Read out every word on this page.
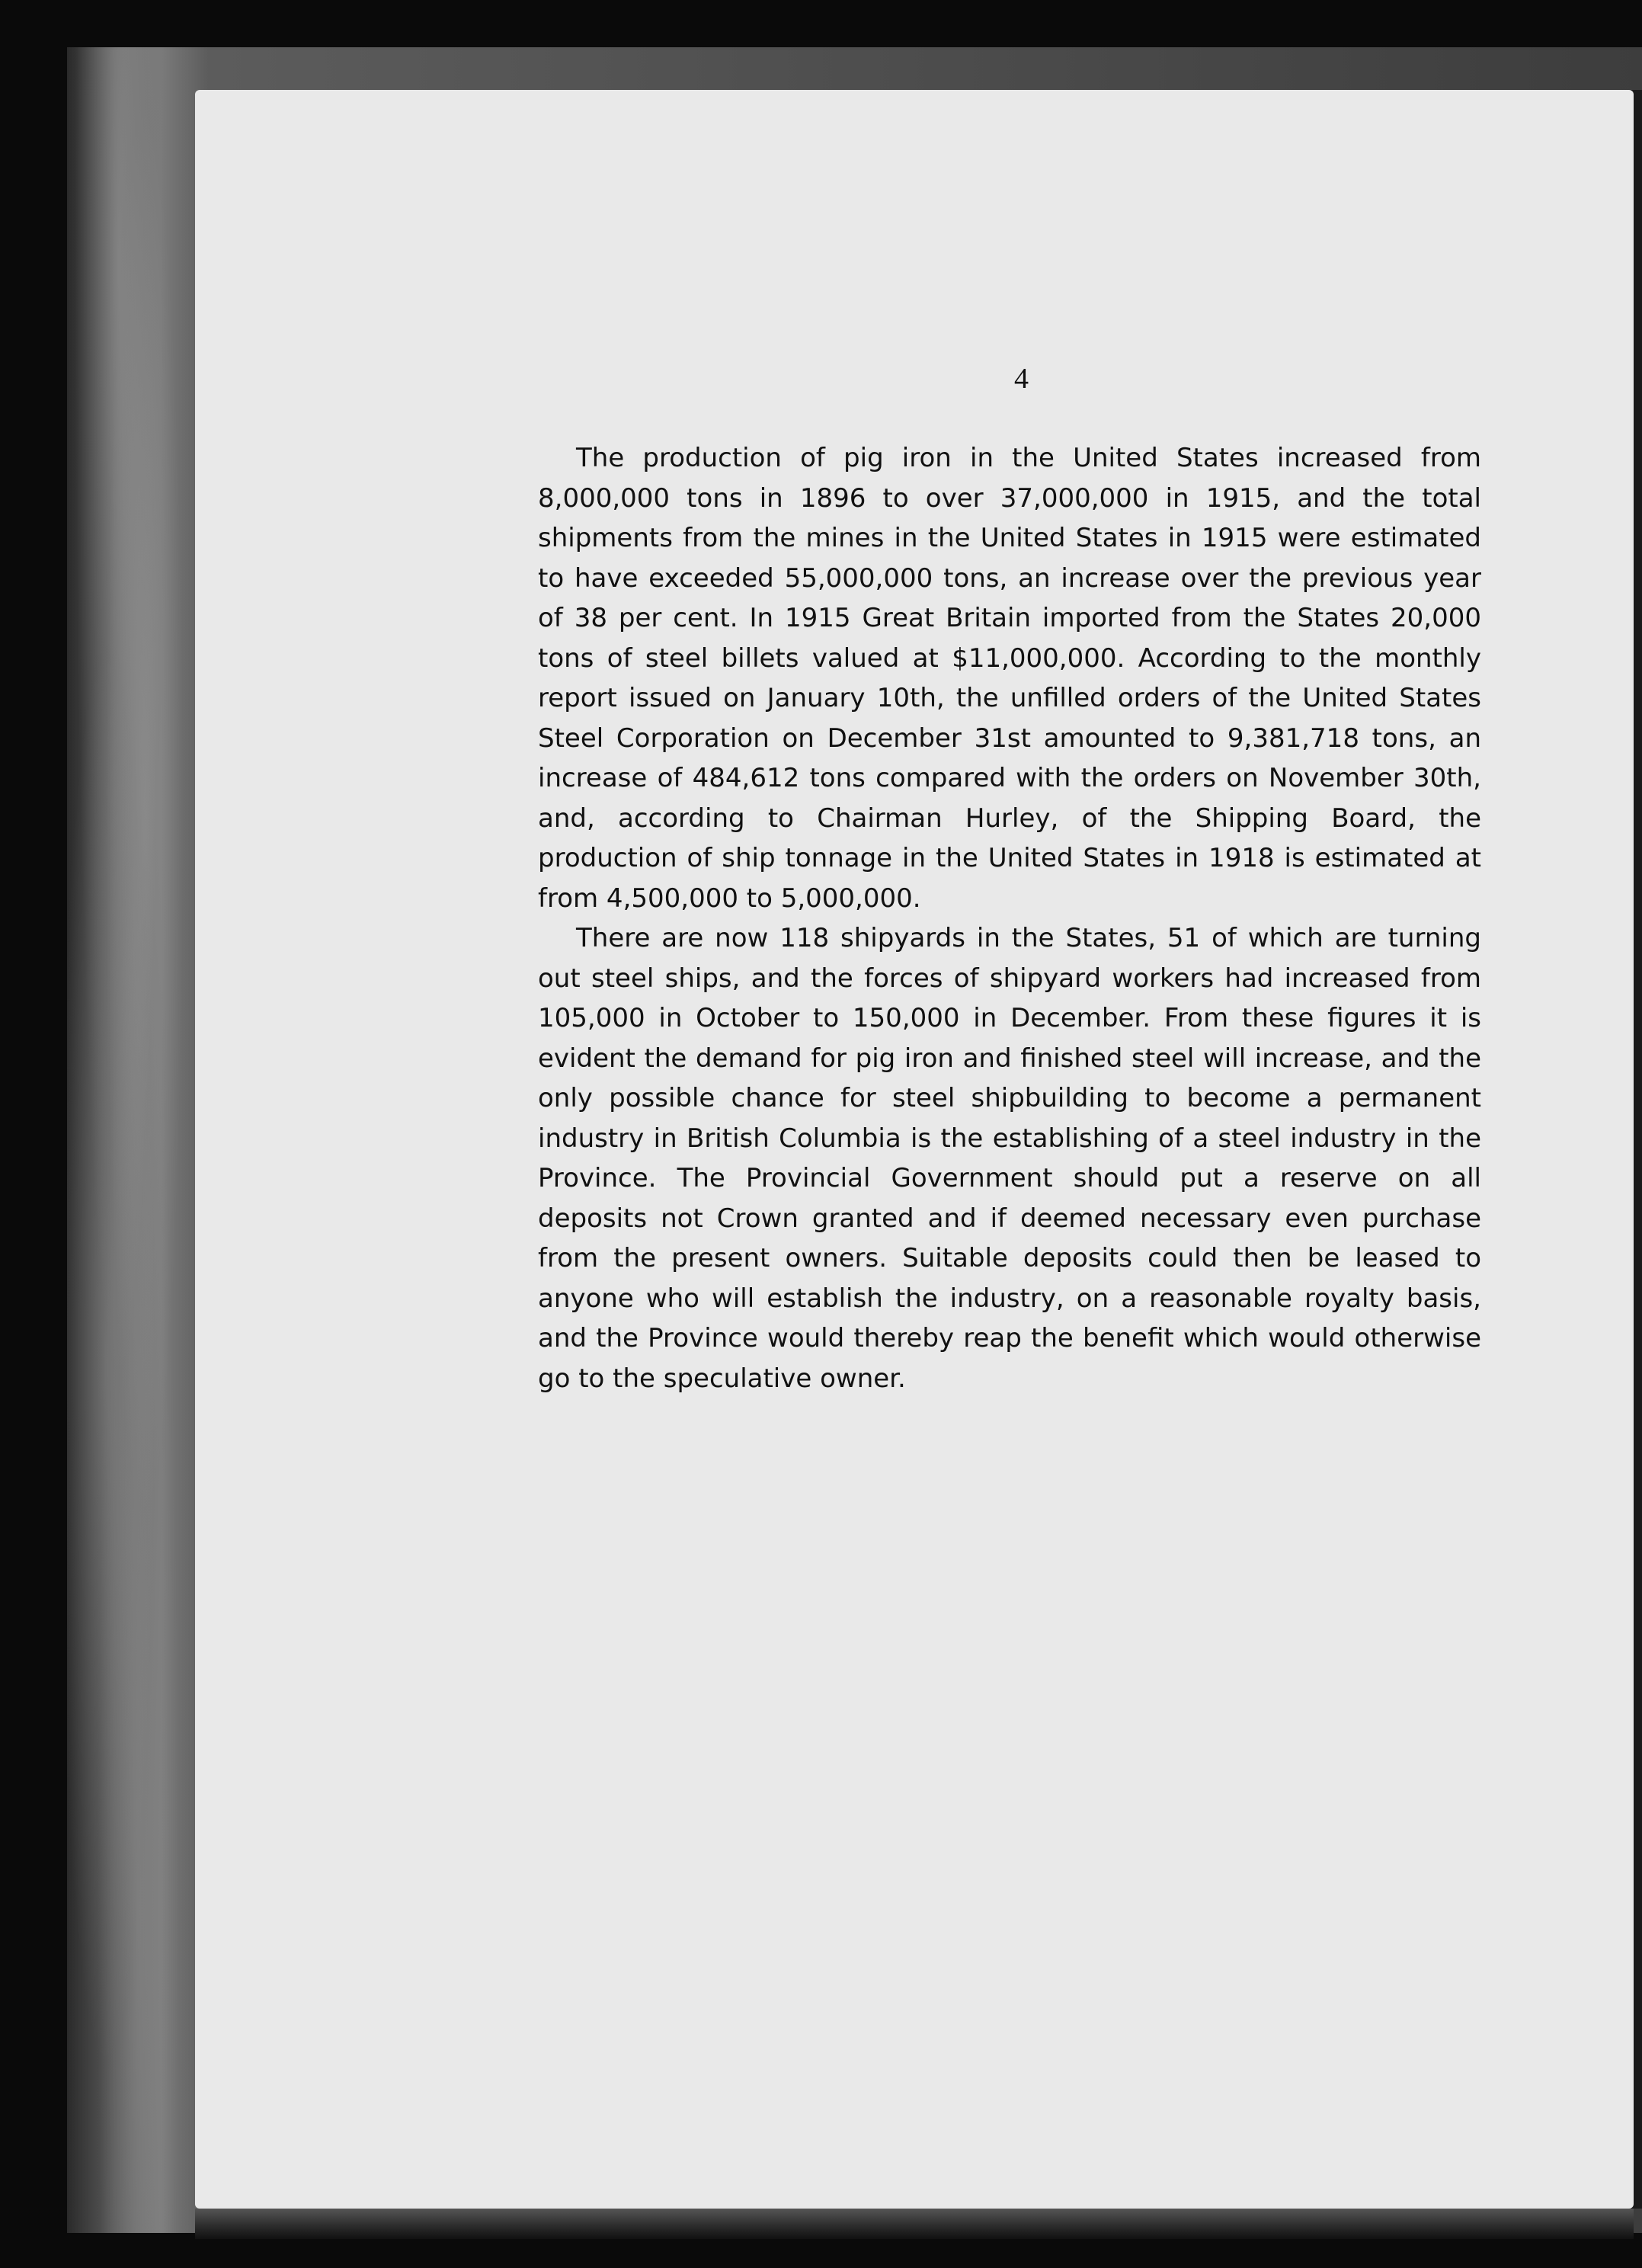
4

The production of pig iron in the United States increased from 8,000,000 tons in 1896 to over 37,000,000 in 1915, and the total shipments from the mines in the United States in 1915 were estimated to have exceeded 55,000,000 tons, an increase over the previous year of 38 per cent. In 1915 Great Britain imported from the States 20,000 tons of steel billets valued at $11,000,000. According to the monthly report issued on January 10th, the unfilled orders of the United States Steel Corporation on December 31st amounted to 9,381,718 tons, an increase of 484,612 tons compared with the orders on November 30th, and, according to Chairman Hurley, of the Shipping Board, the production of ship tonnage in the United States in 1918 is estimated at from 4,500,000 to 5,000,000.

There are now 118 shipyards in the States, 51 of which are turning out steel ships, and the forces of shipyard workers had increased from 105,000 in October to 150,000 in December. From these figures it is evident the demand for pig iron and finished steel will increase, and the only possible chance for steel shipbuilding to become a permanent industry in British Columbia is the establishing of a steel industry in the Province. The Provincial Government should put a reserve on all deposits not Crown granted and if deemed necessary even purchase from the present owners. Suitable deposits could then be leased to anyone who will establish the industry, on a reasonable royalty basis, and the Province would thereby reap the benefit which would otherwise go to the speculative owner.
